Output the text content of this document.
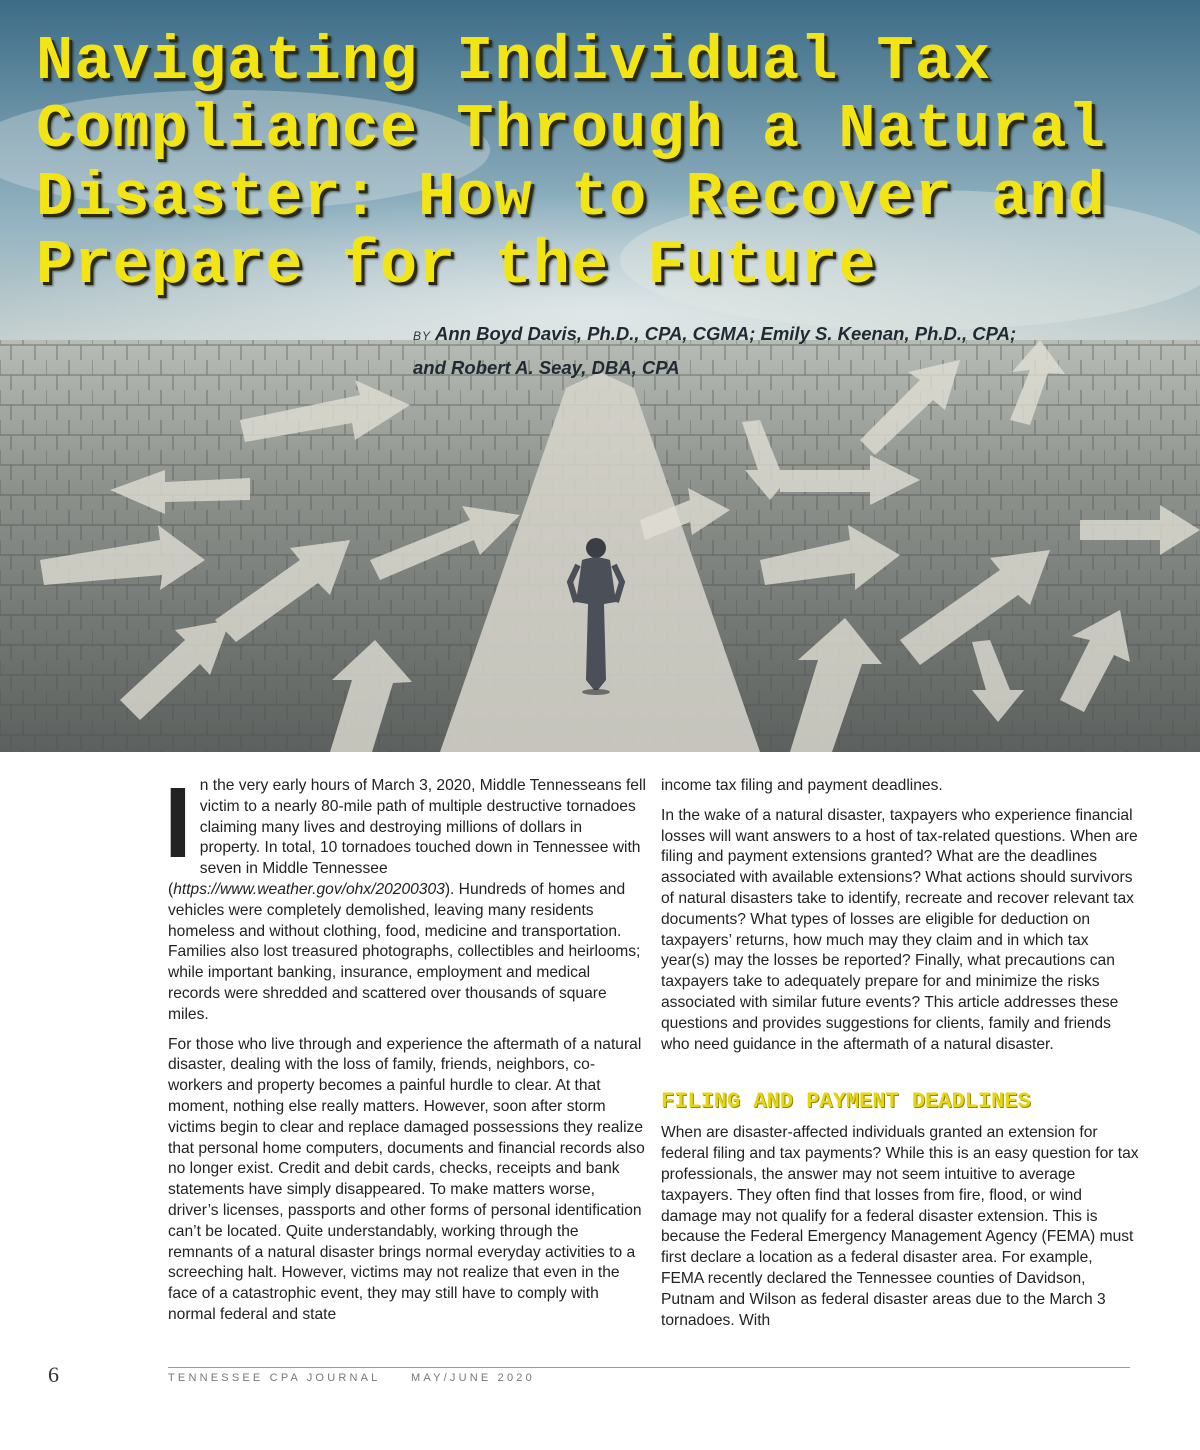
Navigating Individual Tax
Compliance Through a Natural
Disaster: How to Recover and
Prepare for the Future
BY Ann Boyd Davis, Ph.D., CPA, CGMA; Emily S. Keenan, Ph.D., CPA;
and Robert A. Seay, DBA, CPA

In the very early hours of March 3, 2020, Middle Tennesseans fell victim to a nearly 80-mile path of multiple destructive tornadoes claiming many lives and destroying millions of dollars in property. In total, 10 tornadoes touched down in Tennessee with seven in Middle Tennessee (https://www.weather.gov/ohx/20200303). Hundreds of homes and vehicles were completely demolished, leaving many residents homeless and without clothing, food, medicine and transportation. Families also lost treasured photographs, collectibles and heirlooms; while important banking, insurance, employment and medical records were shredded and scattered over thousands of square miles.

For those who live through and experience the aftermath of a natural disaster, dealing with the loss of family, friends, neighbors, co-workers and property becomes a painful hurdle to clear. At that moment, nothing else really matters. However, soon after storm victims begin to clear and replace damaged possessions they realize that personal home computers, documents and financial records also no longer exist. Credit and debit cards, checks, receipts and bank statements have simply disappeared. To make matters worse, driver’s licenses, passports and other forms of personal identification can’t be located. Quite understandably, working through the remnants of a natural disaster brings normal everyday activities to a screeching halt. However, victims may not realize that even in the face of a catastrophic event, they may still have to comply with normal federal and state

income tax filing and payment deadlines.

In the wake of a natural disaster, taxpayers who experience financial losses will want answers to a host of tax-related questions. When are filing and payment extensions granted? What are the deadlines associated with available extensions? What actions should survivors of natural disasters take to identify, recreate and recover relevant tax documents? What types of losses are eligible for deduction on taxpayers’ returns, how much may they claim and in which tax year(s) may the losses be reported? Finally, what precautions can taxpayers take to adequately prepare for and minimize the risks associated with similar future events? This article addresses these questions and provides suggestions for clients, family and friends who need guidance in the aftermath of a natural disaster.

FILING AND PAYMENT DEADLINES

When are disaster-affected individuals granted an extension for federal filing and tax payments? While this is an easy question for tax professionals, the answer may not seem intuitive to average taxpayers. They often find that losses from fire, flood, or wind damage may not qualify for a federal disaster extension. This is because the Federal Emergency Management Agency (FEMA) must first declare a location as a federal disaster area. For example, FEMA recently declared the Tennessee counties of Davidson, Putnam and Wilson as federal disaster areas due to the March 3 tornadoes. With

6	TENNESSEE CPA JOURNAL	MAY/JUNE 2020
